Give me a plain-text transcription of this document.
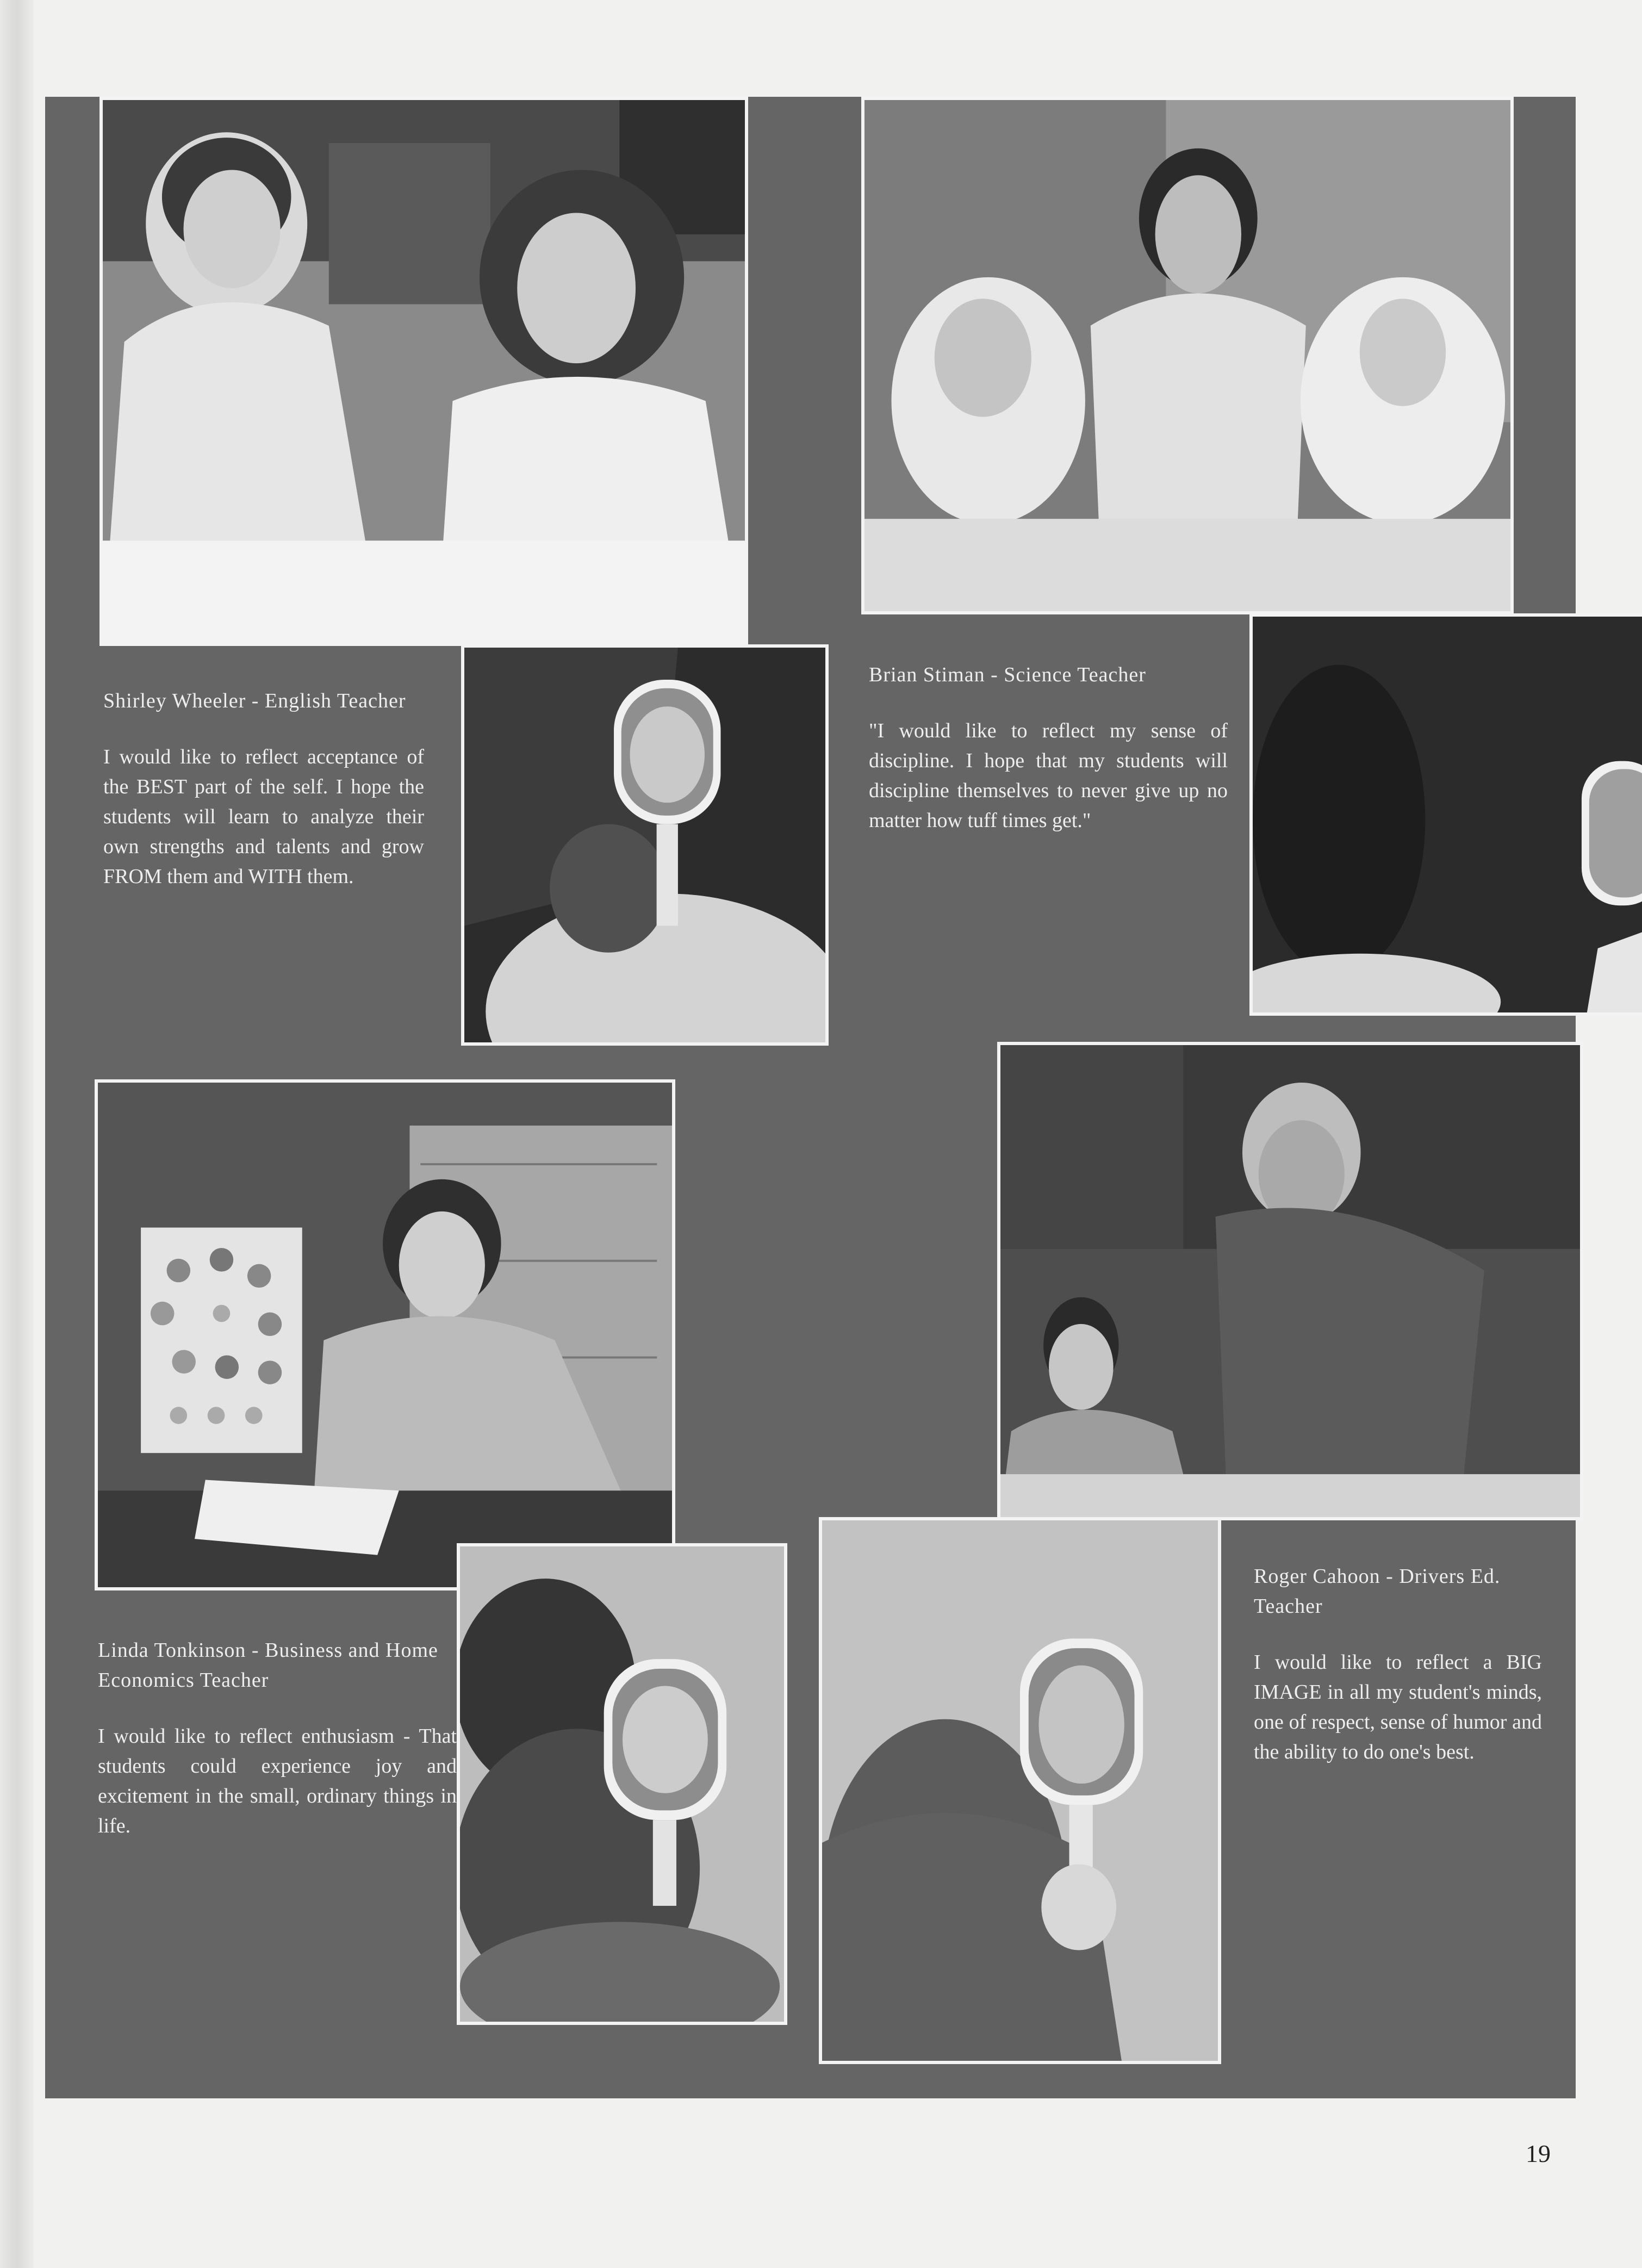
Shirley Wheeler - English Teacher
I would like to reflect acceptance of the BEST part of the self. I hope the students will learn to analyze their own strengths and talents and grow FROM them and WITH them.
Brian Stiman - Science Teacher
"I would like to reflect my sense of discipline. I hope that my students will discipline themselves to never give up no matter how tuff times get."
Linda Tonkinson - Business and Home Economics Teacher
I would like to reflect enthusiasm - That students could experience joy and excitement in the small, ordinary things in life.
Roger Cahoon - Drivers Ed. Teacher
I would like to reflect a BIG IMAGE in all my student's minds, one of respect, sense of humor and the ability to do one's best.
19
